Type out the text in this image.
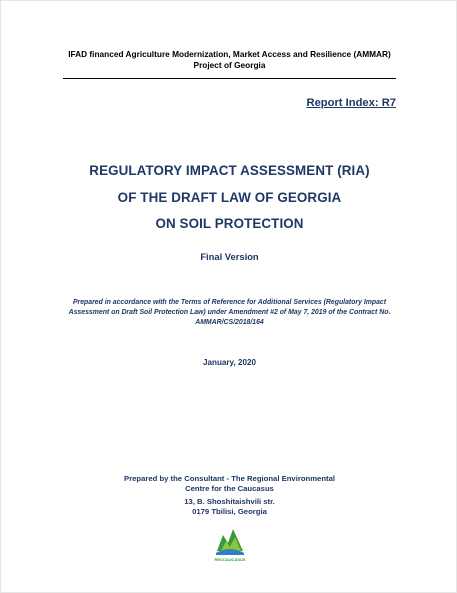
IFAD financed Agriculture Modernization, Market Access and Resilience (AMMAR)
Project of Georgia
Report Index: R7
REGULATORY IMPACT ASSESSMENT (RIA)
OF THE DRAFT LAW OF GEORGIA
ON SOIL PROTECTION
Final Version
Prepared in accordance with the Terms of Reference for Additional Services (Regulatory Impact
Assessment on Draft Soil Protection Law) under Amendment #2 of May 7, 2019 of the Contract No.
AMMAR/CS/2018/164
January, 2020
Prepared by the Consultant - The Regional Environmental
Centre for the Caucasus
13, B. Shoshitaishvili str.
0179 Tbilisi, Georgia
RECCAUCASUS
